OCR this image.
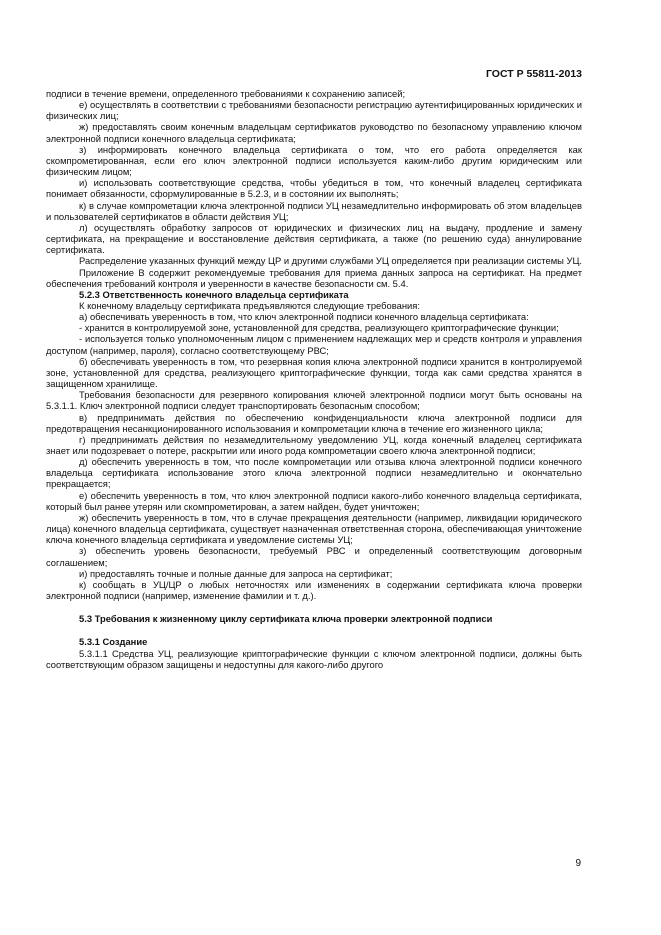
ГОСТ Р 55811-2013

подписи в течение времени, определенного требованиями к сохранению записей;

е) осуществлять в соответствии с требованиями безопасности регистрацию аутентифицированных юридических и физических лиц;

ж) предоставлять своим конечным владельцам сертификатов руководство по безопасному управлению ключом электронной подписи конечного владельца сертификата;

з) информировать конечного владельца сертификата о том, что его работа определяется как скомпрометированная, если его ключ электронной подписи используется каким-либо другим юридическим или физическим лицом;

и) использовать соответствующие средства, чтобы убедиться в том, что конечный владелец сертификата понимает обязанности, сформулированные в 5.2.3, и в состоянии их выполнять;

к) в случае компрометации ключа электронной подписи УЦ незамедлительно информировать об этом владельцев и пользователей сертификатов в области действия УЦ;

л) осуществлять обработку запросов от юридических и физических лиц на выдачу, продление и замену сертификата, на прекращение и восстановление действия сертификата, а также (по решению суда) аннулирование сертификата.

Распределение указанных функций между ЦР и другими службами УЦ определяется при реализации системы УЦ.

Приложение В содержит рекомендуемые требования для приема данных запроса на сертификат. На предмет обеспечения требований контроля и уверенности в качестве безопасности см. 5.4.

5.2.3 Ответственность конечного владельца сертификата

К конечному владельцу сертификата предъявляются следующие требования:

а) обеспечивать уверенность в том, что ключ электронной подписи конечного владельца сертификата:

- хранится в контролируемой зоне, установленной для средства, реализующего криптографические функции;

- используется только уполномоченным лицом с применением надлежащих мер и средств контроля и управления доступом (например, пароля), согласно соответствующему РВС;

б) обеспечивать уверенность в том, что резервная копия ключа электронной подписи хранится в контролируемой зоне, установленной для средства, реализующего криптографические функции, тогда как сами средства хранятся в защищенном хранилище.

Требования безопасности для резервного копирования ключей электронной подписи могут быть основаны на 5.3.1.1. Ключ электронной подписи следует транспортировать безопасным способом;

в) предпринимать действия по обеспечению конфиденциальности ключа электронной подписи для предотвращения несанкционированного использования и компрометации ключа в течение его жизненного цикла;

г) предпринимать действия по незамедлительному уведомлению УЦ, когда конечный владелец сертификата знает или подозревает о потере, раскрытии или иного рода компрометации своего ключа электронной подписи;

д) обеспечить уверенность в том, что после компрометации или отзыва ключа электронной подписи конечного владельца сертификата использование этого ключа электронной подписи незамедлительно и окончательно прекращается;

е) обеспечить уверенность в том, что ключ электронной подписи какого-либо конечного владельца сертификата, который был ранее утерян или скомпрометирован, а затем найден, будет уничтожен;

ж) обеспечить уверенность в том, что в случае прекращения деятельности (например, ликвидации юридического лица) конечного владельца сертификата, существует назначенная ответственная сторона, обеспечивающая уничтожение ключа конечного владельца сертификата и уведомление системы УЦ;

з) обеспечить уровень безопасности, требуемый РВС и определенный соответствующим договорным соглашением;

и) предоставлять точные и полные данные для запроса на сертификат;

к) сообщать в УЦ/ЦР о любых неточностях или изменениях в содержании сертификата ключа проверки электронной подписи (например, изменение фамилии и т. д.).

5.3 Требования к жизненному циклу сертификата ключа проверки электронной подписи

5.3.1 Создание

5.3.1.1 Средства УЦ, реализующие криптографические функции с ключом электронной подписи, должны быть соответствующим образом защищены и недоступны для какого-либо другого

9
